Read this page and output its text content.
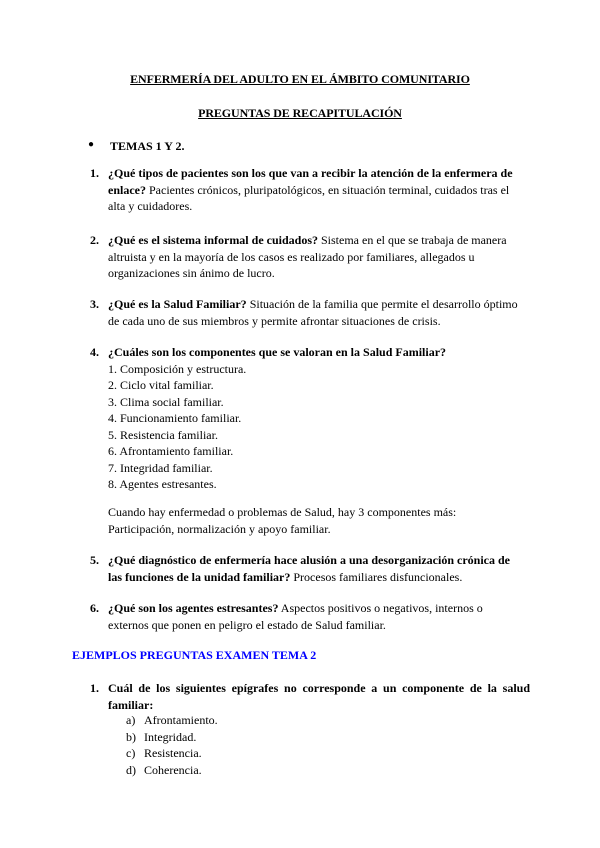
ENFERMERÍA DEL ADULTO EN EL ÁMBITO COMUNITARIO
PREGUNTAS DE RECAPITULACIÓN
● TEMAS 1 Y 2.
1. ¿Qué tipos de pacientes son los que van a recibir la atención de la enfermera de enlace? Pacientes crónicos, pluripatológicos, en situación terminal, cuidados tras el alta y cuidadores.
2. ¿Qué es el sistema informal de cuidados? Sistema en el que se trabaja de manera altruista y en la mayoría de los casos es realizado por familiares, allegados u organizaciones sin ánimo de lucro.
3. ¿Qué es la Salud Familiar? Situación de la familia que permite el desarrollo óptimo de cada uno de sus miembros y permite afrontar situaciones de crisis.
4. ¿Cuáles son los componentes que se valoran en la Salud Familiar?
1. Composición y estructura.
2. Ciclo vital familiar.
3. Clima social familiar.
4. Funcionamiento familiar.
5. Resistencia familiar.
6. Afrontamiento familiar.
7. Integridad familiar.
8. Agentes estresantes.
Cuando hay enfermedad o problemas de Salud, hay 3 componentes más:
Participación, normalización y apoyo familiar.
5. ¿Qué diagnóstico de enfermería hace alusión a una desorganización crónica de las funciones de la unidad familiar? Procesos familiares disfuncionales.
6. ¿Qué son los agentes estresantes? Aspectos positivos o negativos, internos o externos que ponen en peligro el estado de Salud familiar.
EJEMPLOS PREGUNTAS EXAMEN TEMA 2
1. Cuál de los siguientes epígrafes no corresponde a un componente de la salud familiar:
a) Afrontamiento.
b) Integridad.
c) Resistencia.
d) Coherencia.
